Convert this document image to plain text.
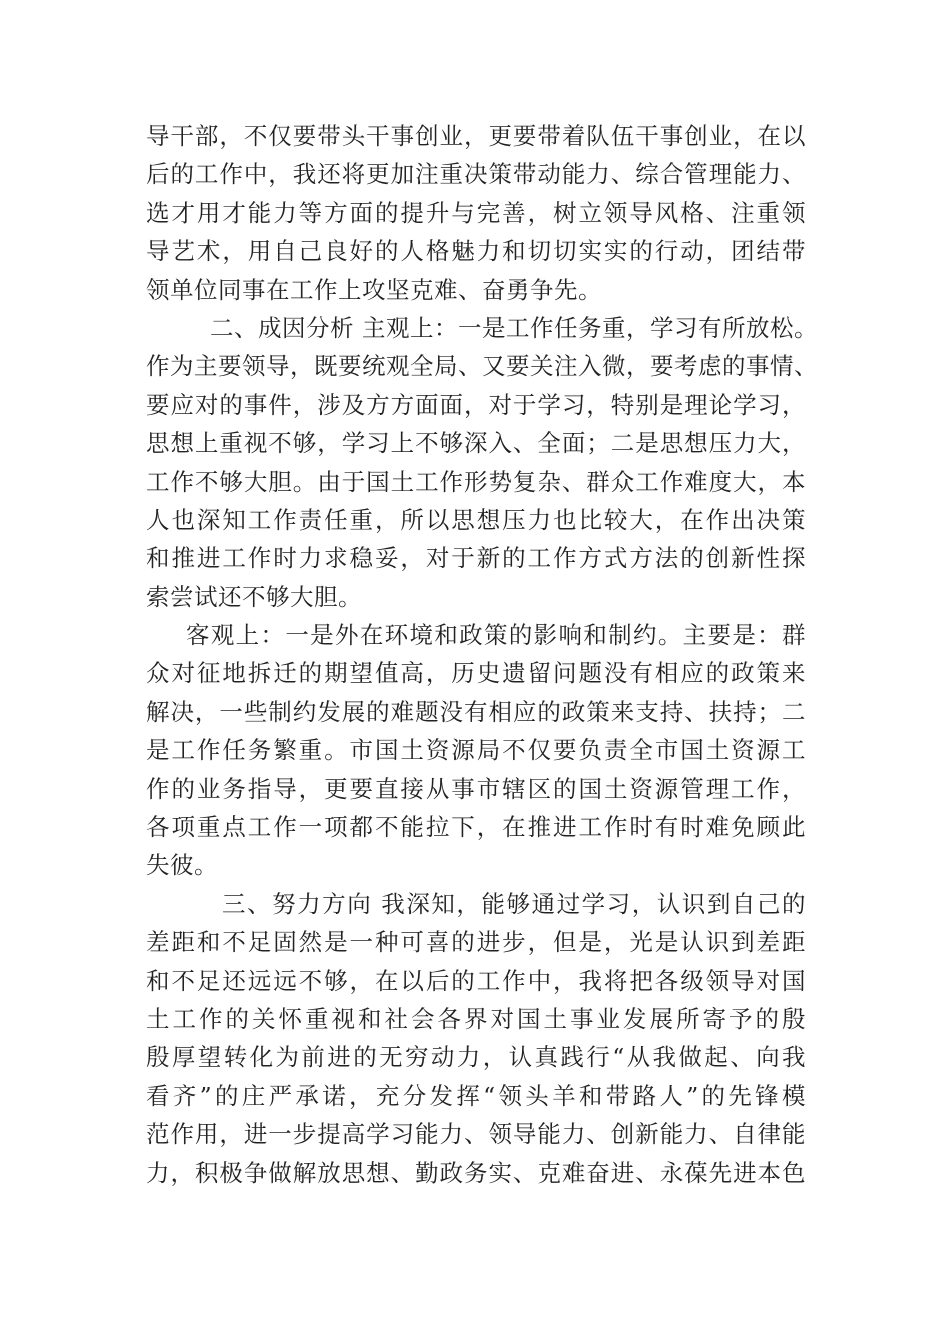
导干部，不仅要带头干事创业，更要带着队伍干事创业，在以
后的工作中，我还将更加注重决策带动能力、综合管理能力、
选才用才能力等方面的提升与完善，树立领导风格、注重领
导艺术，用自己良好的人格魅力和切切实实的行动，团结带
领单位同事在工作上攻坚克难、奋勇争先。
二、成因分析 主观上：一是工作任务重，学习有所放松。
作为主要领导，既要统观全局、又要关注入微，要考虑的事情、
要应对的事件，涉及方方面面，对于学习，特别是理论学习，
思想上重视不够，学习上不够深入、全面；二是思想压力大，
工作不够大胆。由于国土工作形势复杂、群众工作难度大，本
人也深知工作责任重，所以思想压力也比较大，在作出决策
和推进工作时力求稳妥，对于新的工作方式方法的创新性探
索尝试还不够大胆。
客观上：一是外在环境和政策的影响和制约。主要是：群
众对征地拆迁的期望值高，历史遗留问题没有相应的政策来
解决，一些制约发展的难题没有相应的政策来支持、扶持；二
是工作任务繁重。市国土资源局不仅要负责全市国土资源工
作的业务指导，更要直接从事市辖区的国土资源管理工作，
各项重点工作一项都不能拉下，在推进工作时有时难免顾此
失彼。
三、努力方向 我深知，能够通过学习，认识到自己的
差距和不足固然是一种可喜的进步，但是，光是认识到差距
和不足还远远不够，在以后的工作中，我将把各级领导对国
土工作的关怀重视和社会各界对国土事业发展所寄予的殷
殷厚望转化为前进的无穷动力，认真践行“从我做起、向我
看齐”的庄严承诺，充分发挥“领头羊和带路人”的先锋模
范作用，进一步提高学习能力、领导能力、创新能力、自律能
力，积极争做解放思想、勤政务实、克难奋进、永葆先进本色
